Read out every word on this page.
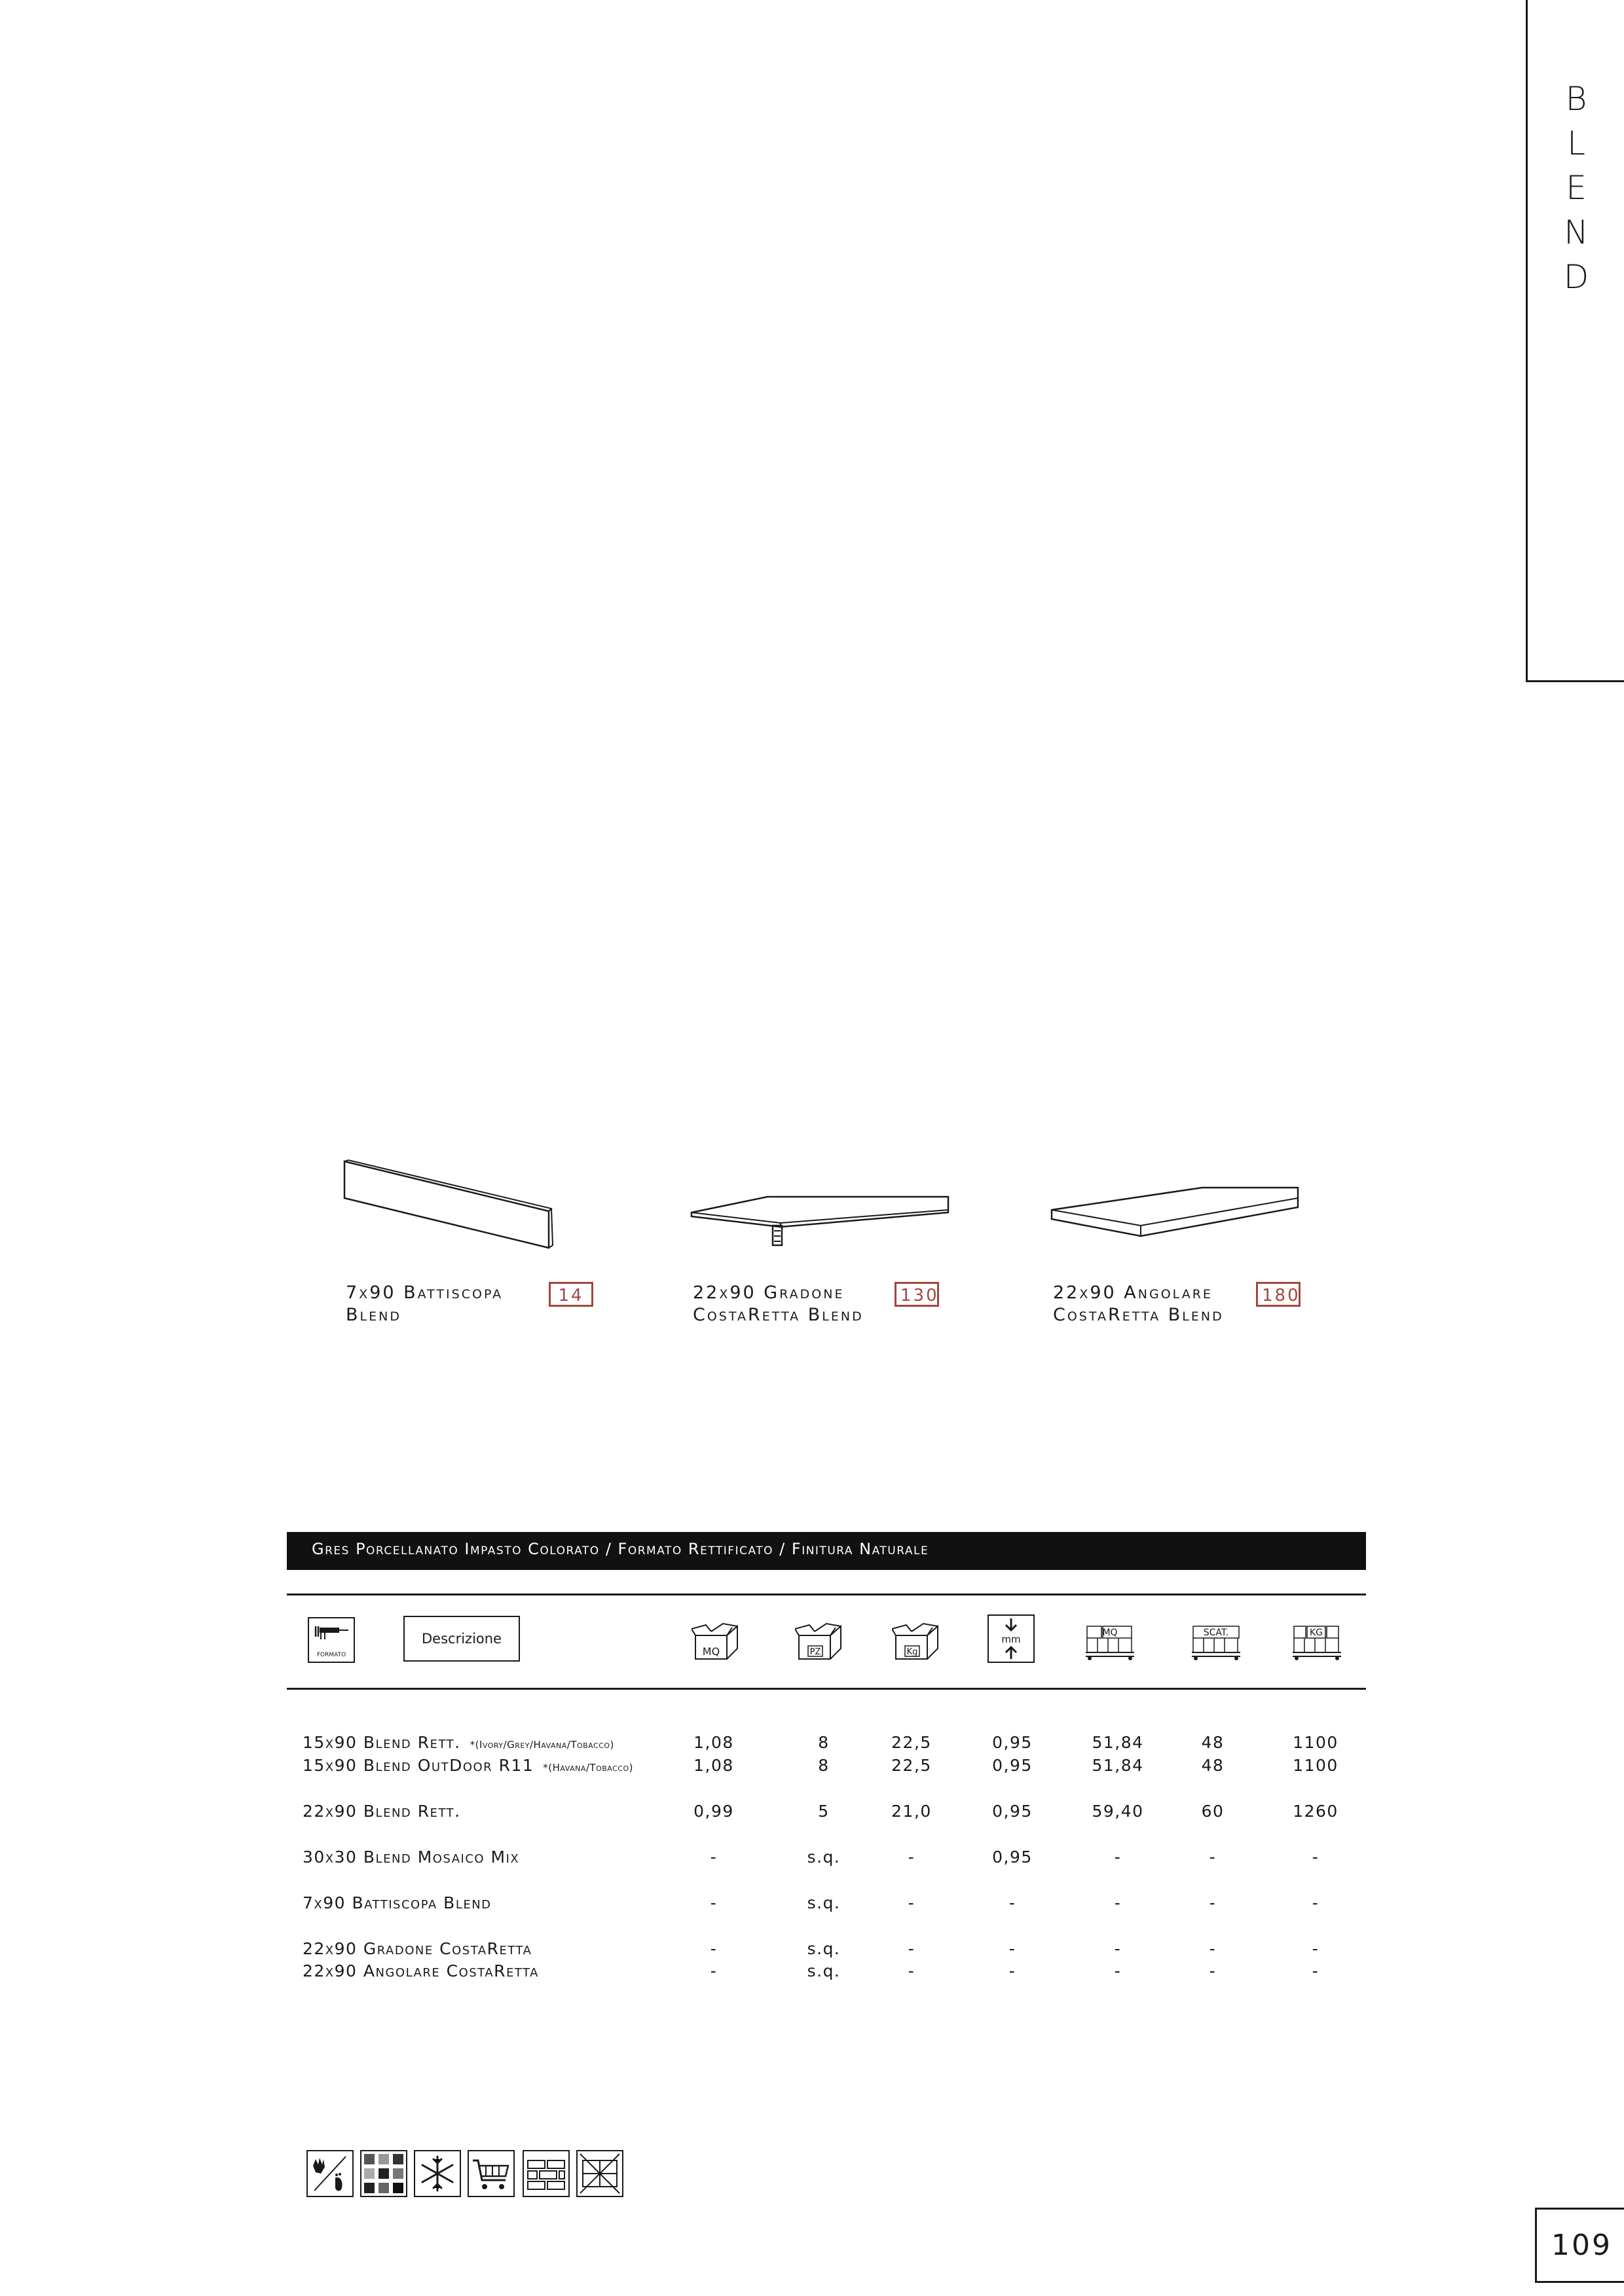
B
L
E
N
D
7x90 Battiscopa
Blend
14	22x90 Gradone
CostaRetta Blend
130	22x90 Angolare
CostaRetta Blend
180
Gres Porcellanato Impasto Colorato / Formato Rettificato / Finitura Naturale
FORMATO
Descrizione
MQ	PZ	Kg
mm
MQ	SCAT.	KG
15x90 Blend Rett. *(Ivory/Grey/Havana/Tobacco)	1,08	8	22,5	0,95	51,84	48	1100
15x90 Blend OutDoor R11 *(Havana/Tobacco)	1,08	8	22,5	0,95	51,84	48	1100
22x90 Blend Rett.	0,99	5	21,0	0,95	59,40	60	1260
30x30 Blend Mosaico Mix	-	s.q.	-	0,95	-	-	-
7x90 Battiscopa Blend	-	s.q.	-	-	-	-	-
22x90 Gradone CostaRetta	-	s.q.	-	-	-	-	-
22x90 Angolare CostaRetta	-	s.q.	-	-	-	-	-
109
